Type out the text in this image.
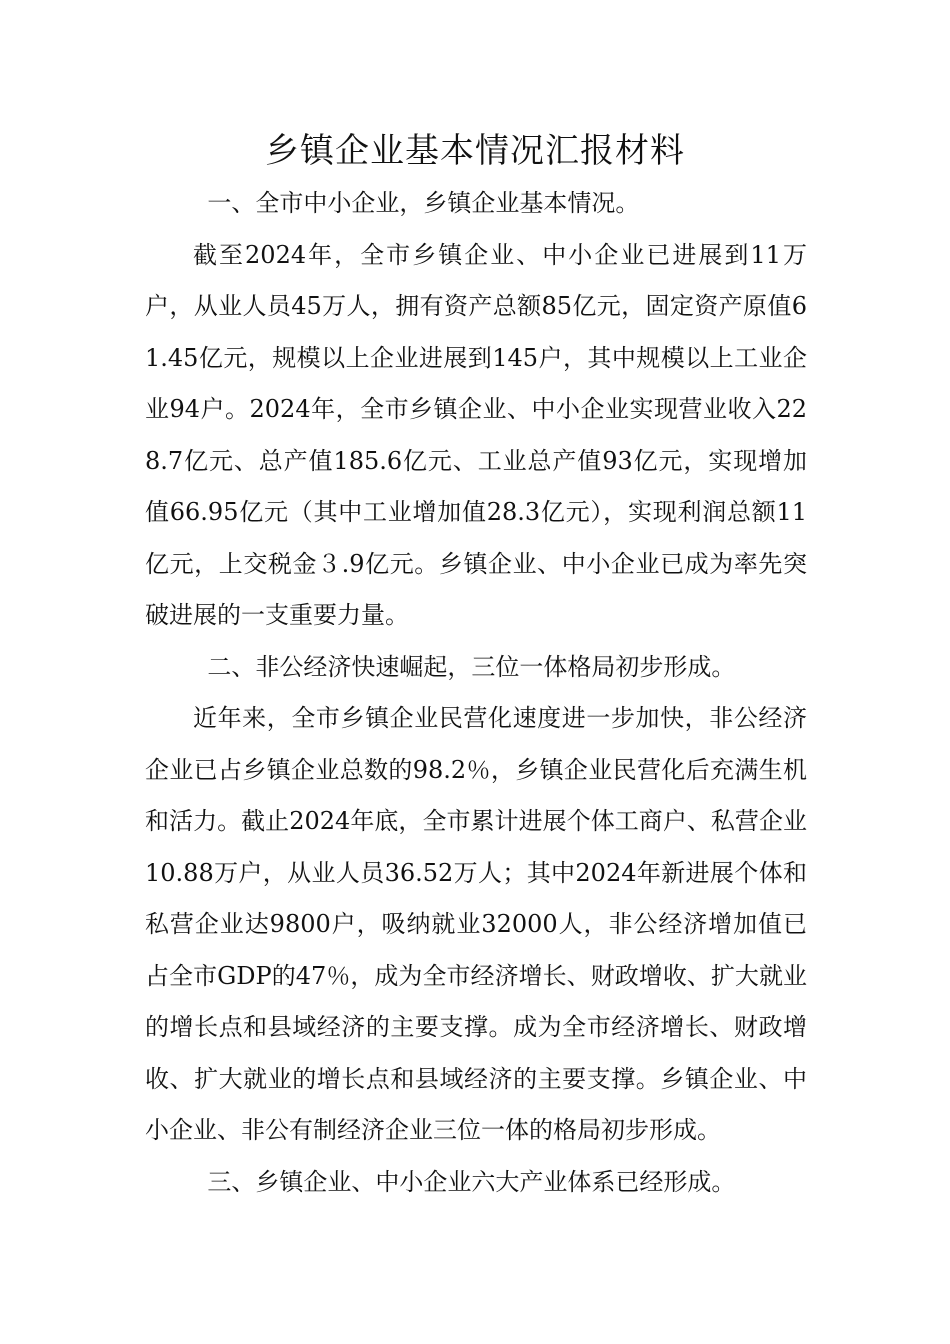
乡镇企业基本情况汇报材料

一、全市中小企业，乡镇企业基本情况。

截至2024年，全市乡镇企业、中小企业已进展到11万户，从业人员45万人，拥有资产总额85亿元，固定资产原值61.45亿元，规模以上企业进展到145户，其中规模以上工业企业94户。2024年，全市乡镇企业、中小企业实现营业收入228.7亿元、总产值185.6亿元、工业总产值93亿元，实现增加值66.95亿元（其中工业增加值28.3亿元），实现利润总额11亿元，上交税金３.9亿元。乡镇企业、中小企业已成为率先突破进展的一支重要力量。

二、非公经济快速崛起，三位一体格局初步形成。

近年来，全市乡镇企业民营化速度进一步加快，非公经济企业已占乡镇企业总数的98.2％，乡镇企业民营化后充满生机和活力。截止2024年底，全市累计进展个体工商户、私营企业10.88万户，从业人员36.52万人；其中2024年新进展个体和私营企业达9800户，吸纳就业32000人，非公经济增加值已占全市GDP的47％，成为全市经济增长、财政增收、扩大就业的增长点和县域经济的主要支撑。成为全市经济增长、财政增收、扩大就业的增长点和县域经济的主要支撑。乡镇企业、中小企业、非公有制经济企业三位一体的格局初步形成。

三、乡镇企业、中小企业六大产业体系已经形成。
